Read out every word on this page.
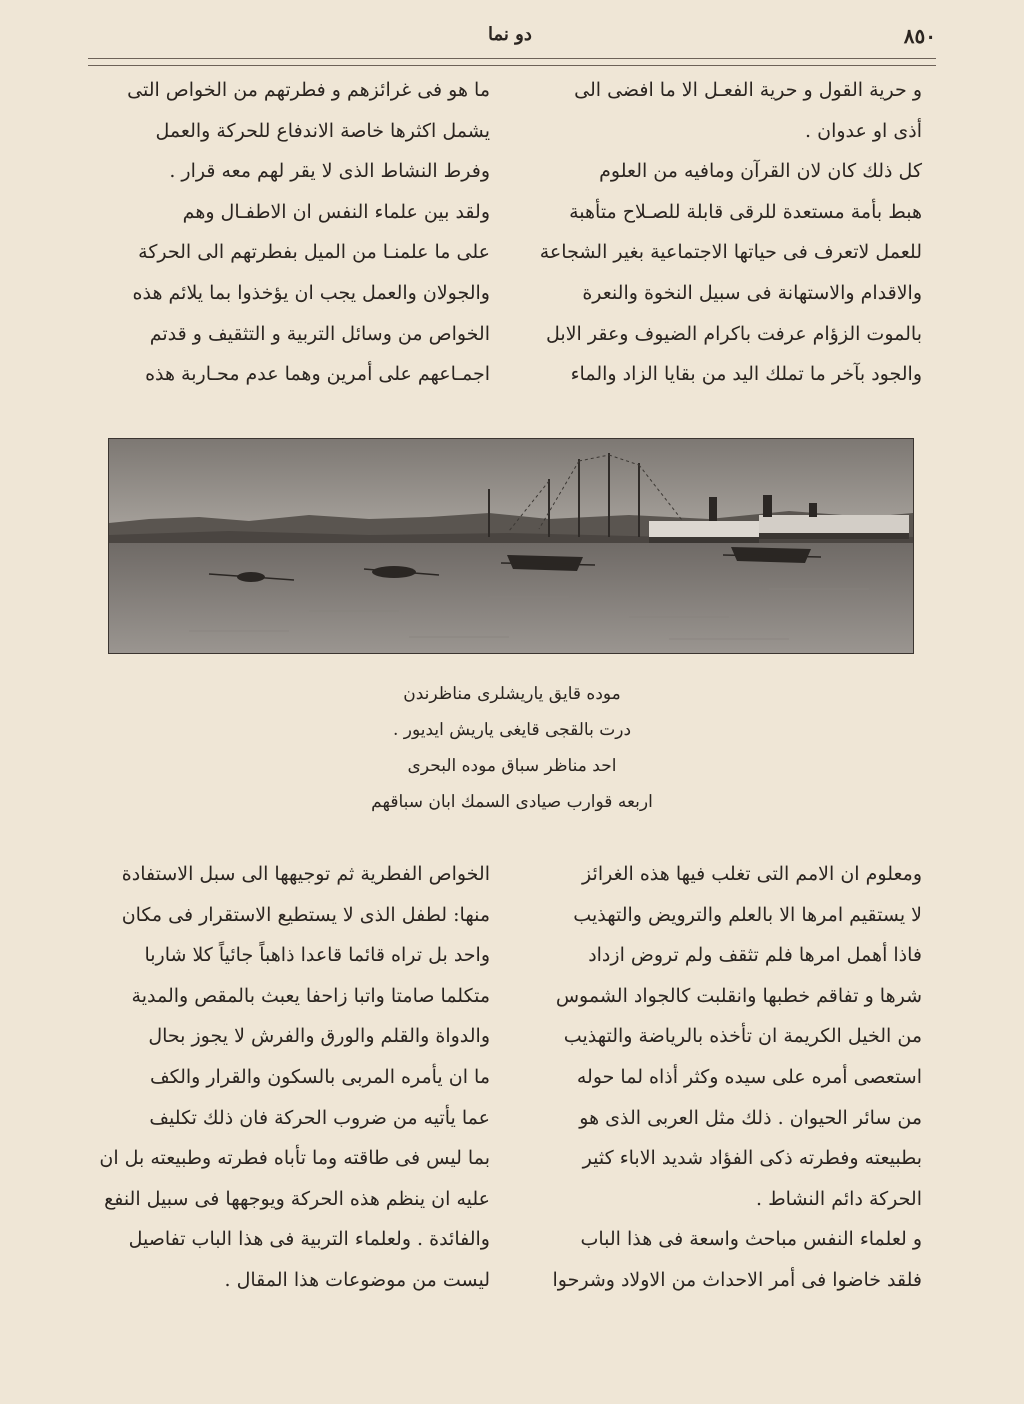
٨٥٠
دو نما

و حرية القول و حرية الفعـل الا ما افضى الى

أذى او عدوان .

كل ذلك كان لان القرآن ومافيه من العلوم

هبط بأمة مستعدة للرقى قابلة للصـلاح متأهبة

للعمل لاتعرف فى حياتها الاجتماعية بغير الشجاعة

والاقدام والاستهانة فى سبيل النخوة والنعرة

بالموت الزؤام عرفت باكرام الضيوف وعقر الابل

والجود بآخر ما تملك اليد من بقايا الزاد والماء

ما هو فى غرائزهم و فطرتهم من الخواص التى

يشمل اكثرها خاصة الاندفاع للحركة والعمل

وفرط النشاط الذى لا يقر لهم معه قرار .

ولقد بين علماء النفس ان الاطفـال وهم

على ما علمنـا من الميل بفطرتهم الى الحركة

والجولان والعمل يجب ان يؤخذوا بما يلائم هذه

الخواص من وسائل التربية و التثقيف و قدتم

اجمـاعهم على أمرين وهما عدم محـاربة هذه

موده قايق ياريشلرى مناظرندن
درت بالقجى قايغى ياريش ايديور .
احد مناظر سباق موده البحرى
اربعه قوارب صيادى السمك ابان سباقهم

ومعلوم ان الامم التى تغلب فيها هذه الغرائز

لا يستقيم امرها الا بالعلم والترويض والتهذيب

فاذا أهمل امرها فلم تثقف ولم تروض ازداد

شرها و تفاقم خطبها وانقلبت كالجواد الشموس

من الخيل الكريمة ان تأخذه بالرياضة والتهذيب

استعصى أمره على سيده وكثر أذاه لما حوله

من سائر الحيوان . ذلك مثل العربى الذى هو

بطبيعته وفطرته ذكى الفؤاد شديد الاباء كثير

الحركة دائم النشاط .

و لعلماء النفس مباحث واسعة فى هذا الباب

فلقد خاضوا فى أمر الاحداث من الاولاد وشرحوا

الخواص الفطرية ثم توجيهها الى سبل الاستفادة

منها: لطفل الذى لا يستطيع الاستقرار فى مكان

واحد بل تراه قائما قاعدا ذاهباً جائياً كلا شاربا

متكلما صامتا واتبا زاحفا يعبث بالمقص والمدية

والدواة والقلم والورق والفرش لا يجوز بحال

ما ان يأمره المربى بالسكون والقرار والكف

عما يأتيه من ضروب الحركة فان ذلك تكليف

بما ليس فى طاقته وما تأباه فطرته وطبيعته بل ان

عليه ان ينظم هذه الحركة ويوجهها فى سبيل النفع

والفائدة . ولعلماء التربية فى هذا الباب تفاصيل

ليست من موضوعات هذا المقال .
